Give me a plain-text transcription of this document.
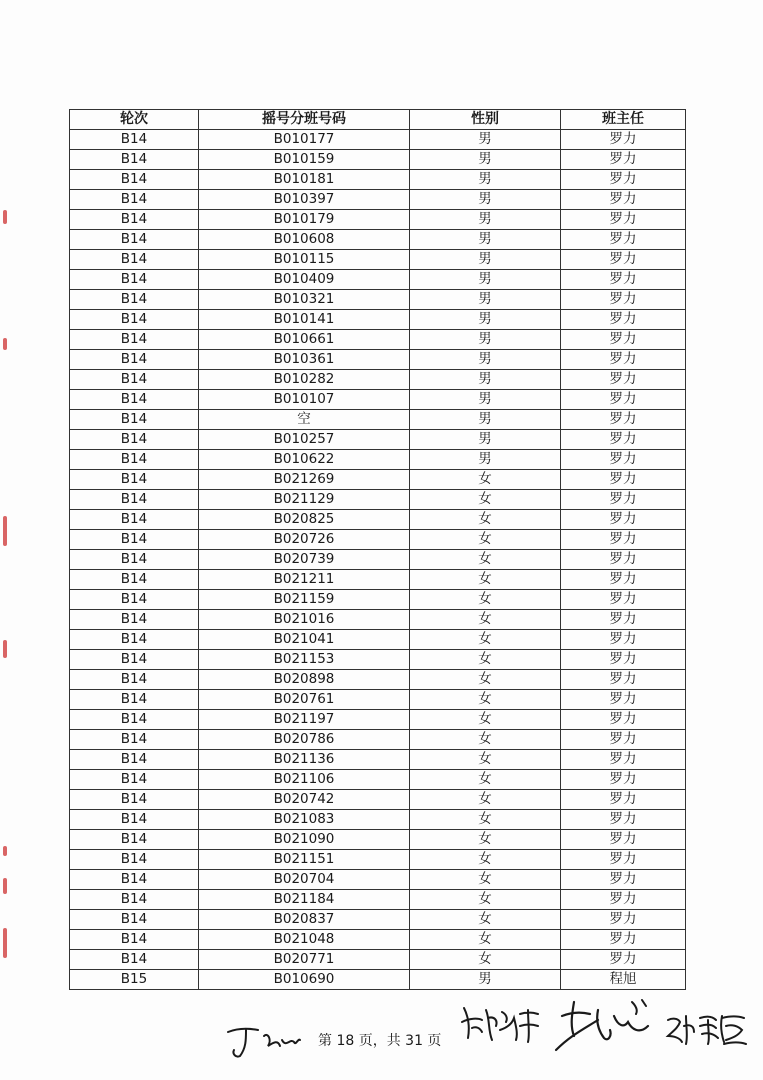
轮次	摇号分班号码	性别	班主任
B14	B010177	男	罗力
B14	B010159	男	罗力
B14	B010181	男	罗力
B14	B010397	男	罗力
B14	B010179	男	罗力
B14	B010608	男	罗力
B14	B010115	男	罗力
B14	B010409	男	罗力
B14	B010321	男	罗力
B14	B010141	男	罗力
B14	B010661	男	罗力
B14	B010361	男	罗力
B14	B010282	男	罗力
B14	B010107	男	罗力
B14	空	男	罗力
B14	B010257	男	罗力
B14	B010622	男	罗力
B14	B021269	女	罗力
B14	B021129	女	罗力
B14	B020825	女	罗力
B14	B020726	女	罗力
B14	B020739	女	罗力
B14	B021211	女	罗力
B14	B021159	女	罗力
B14	B021016	女	罗力
B14	B021041	女	罗力
B14	B021153	女	罗力
B14	B020898	女	罗力
B14	B020761	女	罗力
B14	B021197	女	罗力
B14	B020786	女	罗力
B14	B021136	女	罗力
B14	B021106	女	罗力
B14	B020742	女	罗力
B14	B021083	女	罗力
B14	B021090	女	罗力
B14	B021151	女	罗力
B14	B020704	女	罗力
B14	B021184	女	罗力
B14	B020837	女	罗力
B14	B021048	女	罗力
B14	B020771	女	罗力
B15	B010690	男	程旭
第 18 页，共 31 页
